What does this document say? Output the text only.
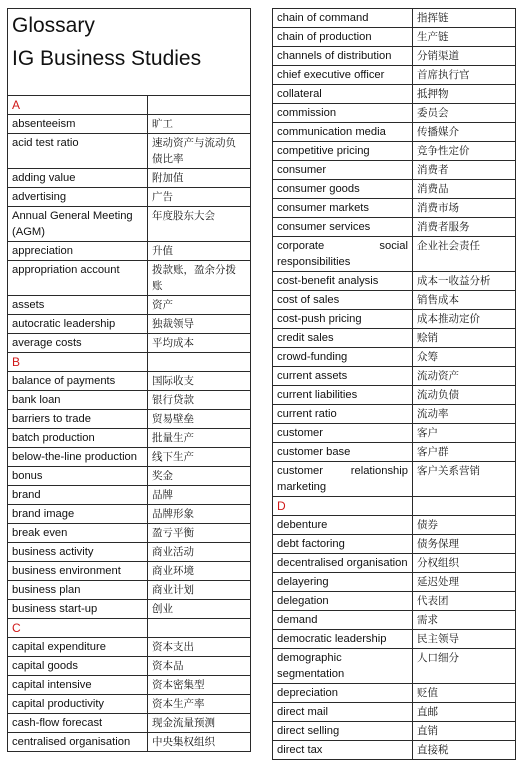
Glossary
IG Business Studies	

A	
absenteeism	旷工
acid test ratio	速动资产与流动负债比率
adding value	附加值
advertising	广告
Annual General Meeting (AGM)	年度股东大会
appreciation	升值
appropriation account	拨款账，盈余分拨账
assets	资产
autocratic leadership	独裁领导
average costs	平均成本
B	
balance of payments	国际收支
bank loan	银行贷款
barriers to trade	贸易壁垒
batch production	批量生产
below-the-line production	线下生产
bonus	奖金
brand	品牌
brand image	品牌形象
break even	盈亏平衡
business activity	商业活动
business environment	商业环境
business plan	商业计划
business start-up	创业
C	
capital expenditure	资本支出
capital goods	资本品
capital intensive	资本密集型
capital productivity	资本生产率
cash-flow forecast	现金流量预测
centralised organisation	中央集权组织
chain of command	指挥链
chain of production	生产链
channels of distribution	分销渠道
chief executive officer	首席执行官
collateral	抵押物
commission	委员会
communication media	传播媒介
competitive pricing	竞争性定价
consumer	消费者
consumer goods	消费品
consumer markets	消费市场
consumer services	消费者服务

corporate social responsibilities	企业社会责任
cost-benefit analysis	成本一收益分析
cost of sales	销售成本
cost-push pricing	成本推动定价
credit sales	赊销
crowd-funding	众筹
current assets	流动资产
current liabilities	流动负债
current ratio	流动率
customer	客户
customer base	客户群

customer relationship marketing	客户关系营销
D	
debenture	债券
debt factoring	债务保理
decentralised organisation	分权组织
delayering	延迟处理
delegation	代表团
demand	需求
democratic leadership	民主领导
demographic segmentation	人口细分
depreciation	贬值
direct mail	直邮
direct selling	直销
direct tax	直接税
